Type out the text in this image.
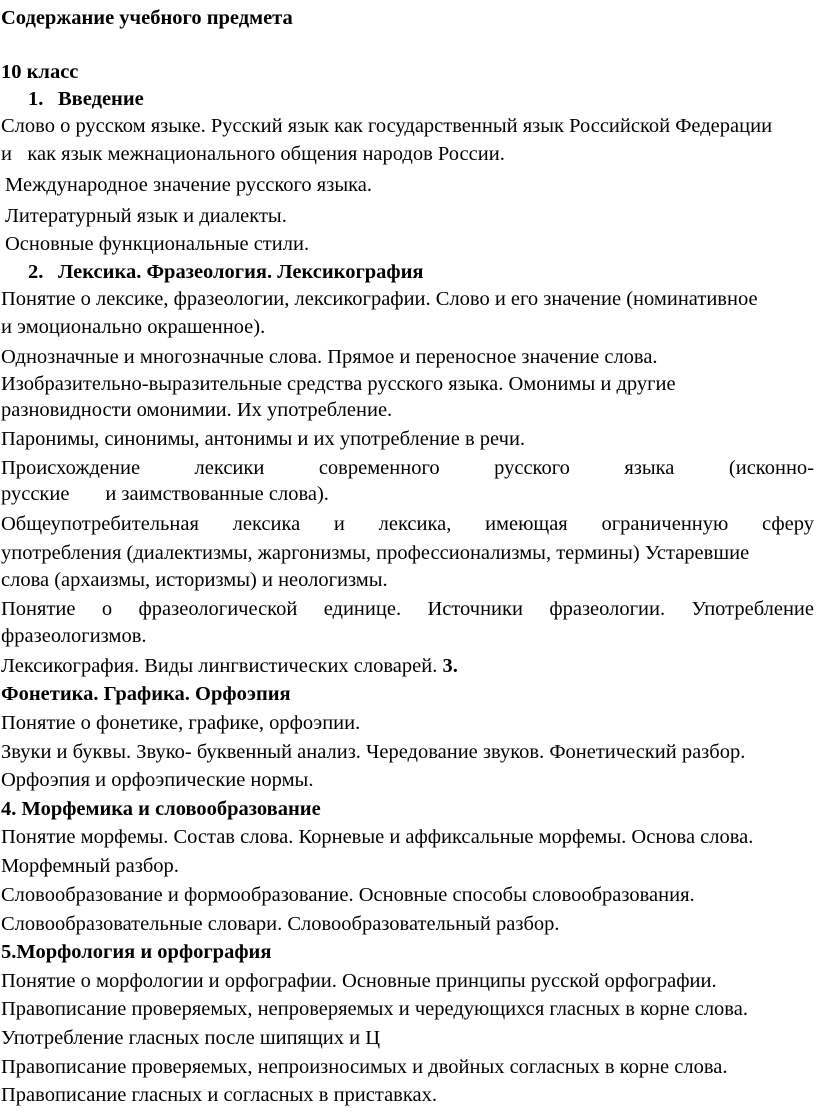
Содержание учебного предмета
10 класс
1. Введение
Слово о русском языке. Русский язык как государственный язык Российской Федерации
и   как язык межнационального общения народов России.
Международное значение русского языка.
Литературный язык и диалекты.
Основные функциональные стили.
2. Лексика. Фразеология. Лексикография
Понятие о лексике, фразеологии, лексикографии. Слово и его значение (номинативное
и эмоционально окрашенное).
Однозначные и многозначные слова. Прямое и переносное значение слова.
Изобразительно-выразительные средства русского языка. Омонимы и другие
разновидности омонимии. Их употребление.
Паронимы, синонимы, антонимы и их употребление в речи.
Происхождение лексики современного русского языка (исконно-
русские       и заимствованные слова).
Общеупотребительная лексика и лексика, имеющая ограниченную сферу
употребления (диалектизмы, жаргонизмы, профессионализмы, термины) Устаревшие
слова (архаизмы, историзмы) и неологизмы.
Понятие о фразеологической единице. Источники фразеологии. Употребление
фразеологизмов.
Лексикография. Виды лингвистических словарей. 3.
Фонетика. Графика. Орфоэпия
Понятие о фонетике, графике, орфоэпии.
Звуки и буквы. Звуко- буквенный анализ. Чередование звуков. Фонетический разбор.
Орфоэпия и орфоэпические нормы.
4. Морфемика и словообразование
Понятие морфемы. Состав слова. Корневые и аффиксальные морфемы. Основа слова.
Морфемный разбор.
Словообразование и формообразование. Основные способы словообразования.
Словообразовательные словари. Словообразовательный разбор.
5.Морфология и орфография
Понятие о морфологии и орфографии. Основные принципы русской орфографии.
Правописание проверяемых, непроверяемых и чередующихся гласных в корне слова.
Употребление гласных после шипящих и Ц
Правописание проверяемых, непроизносимых и двойных согласных в корне слова.
Правописание гласных и согласных в приставках.
